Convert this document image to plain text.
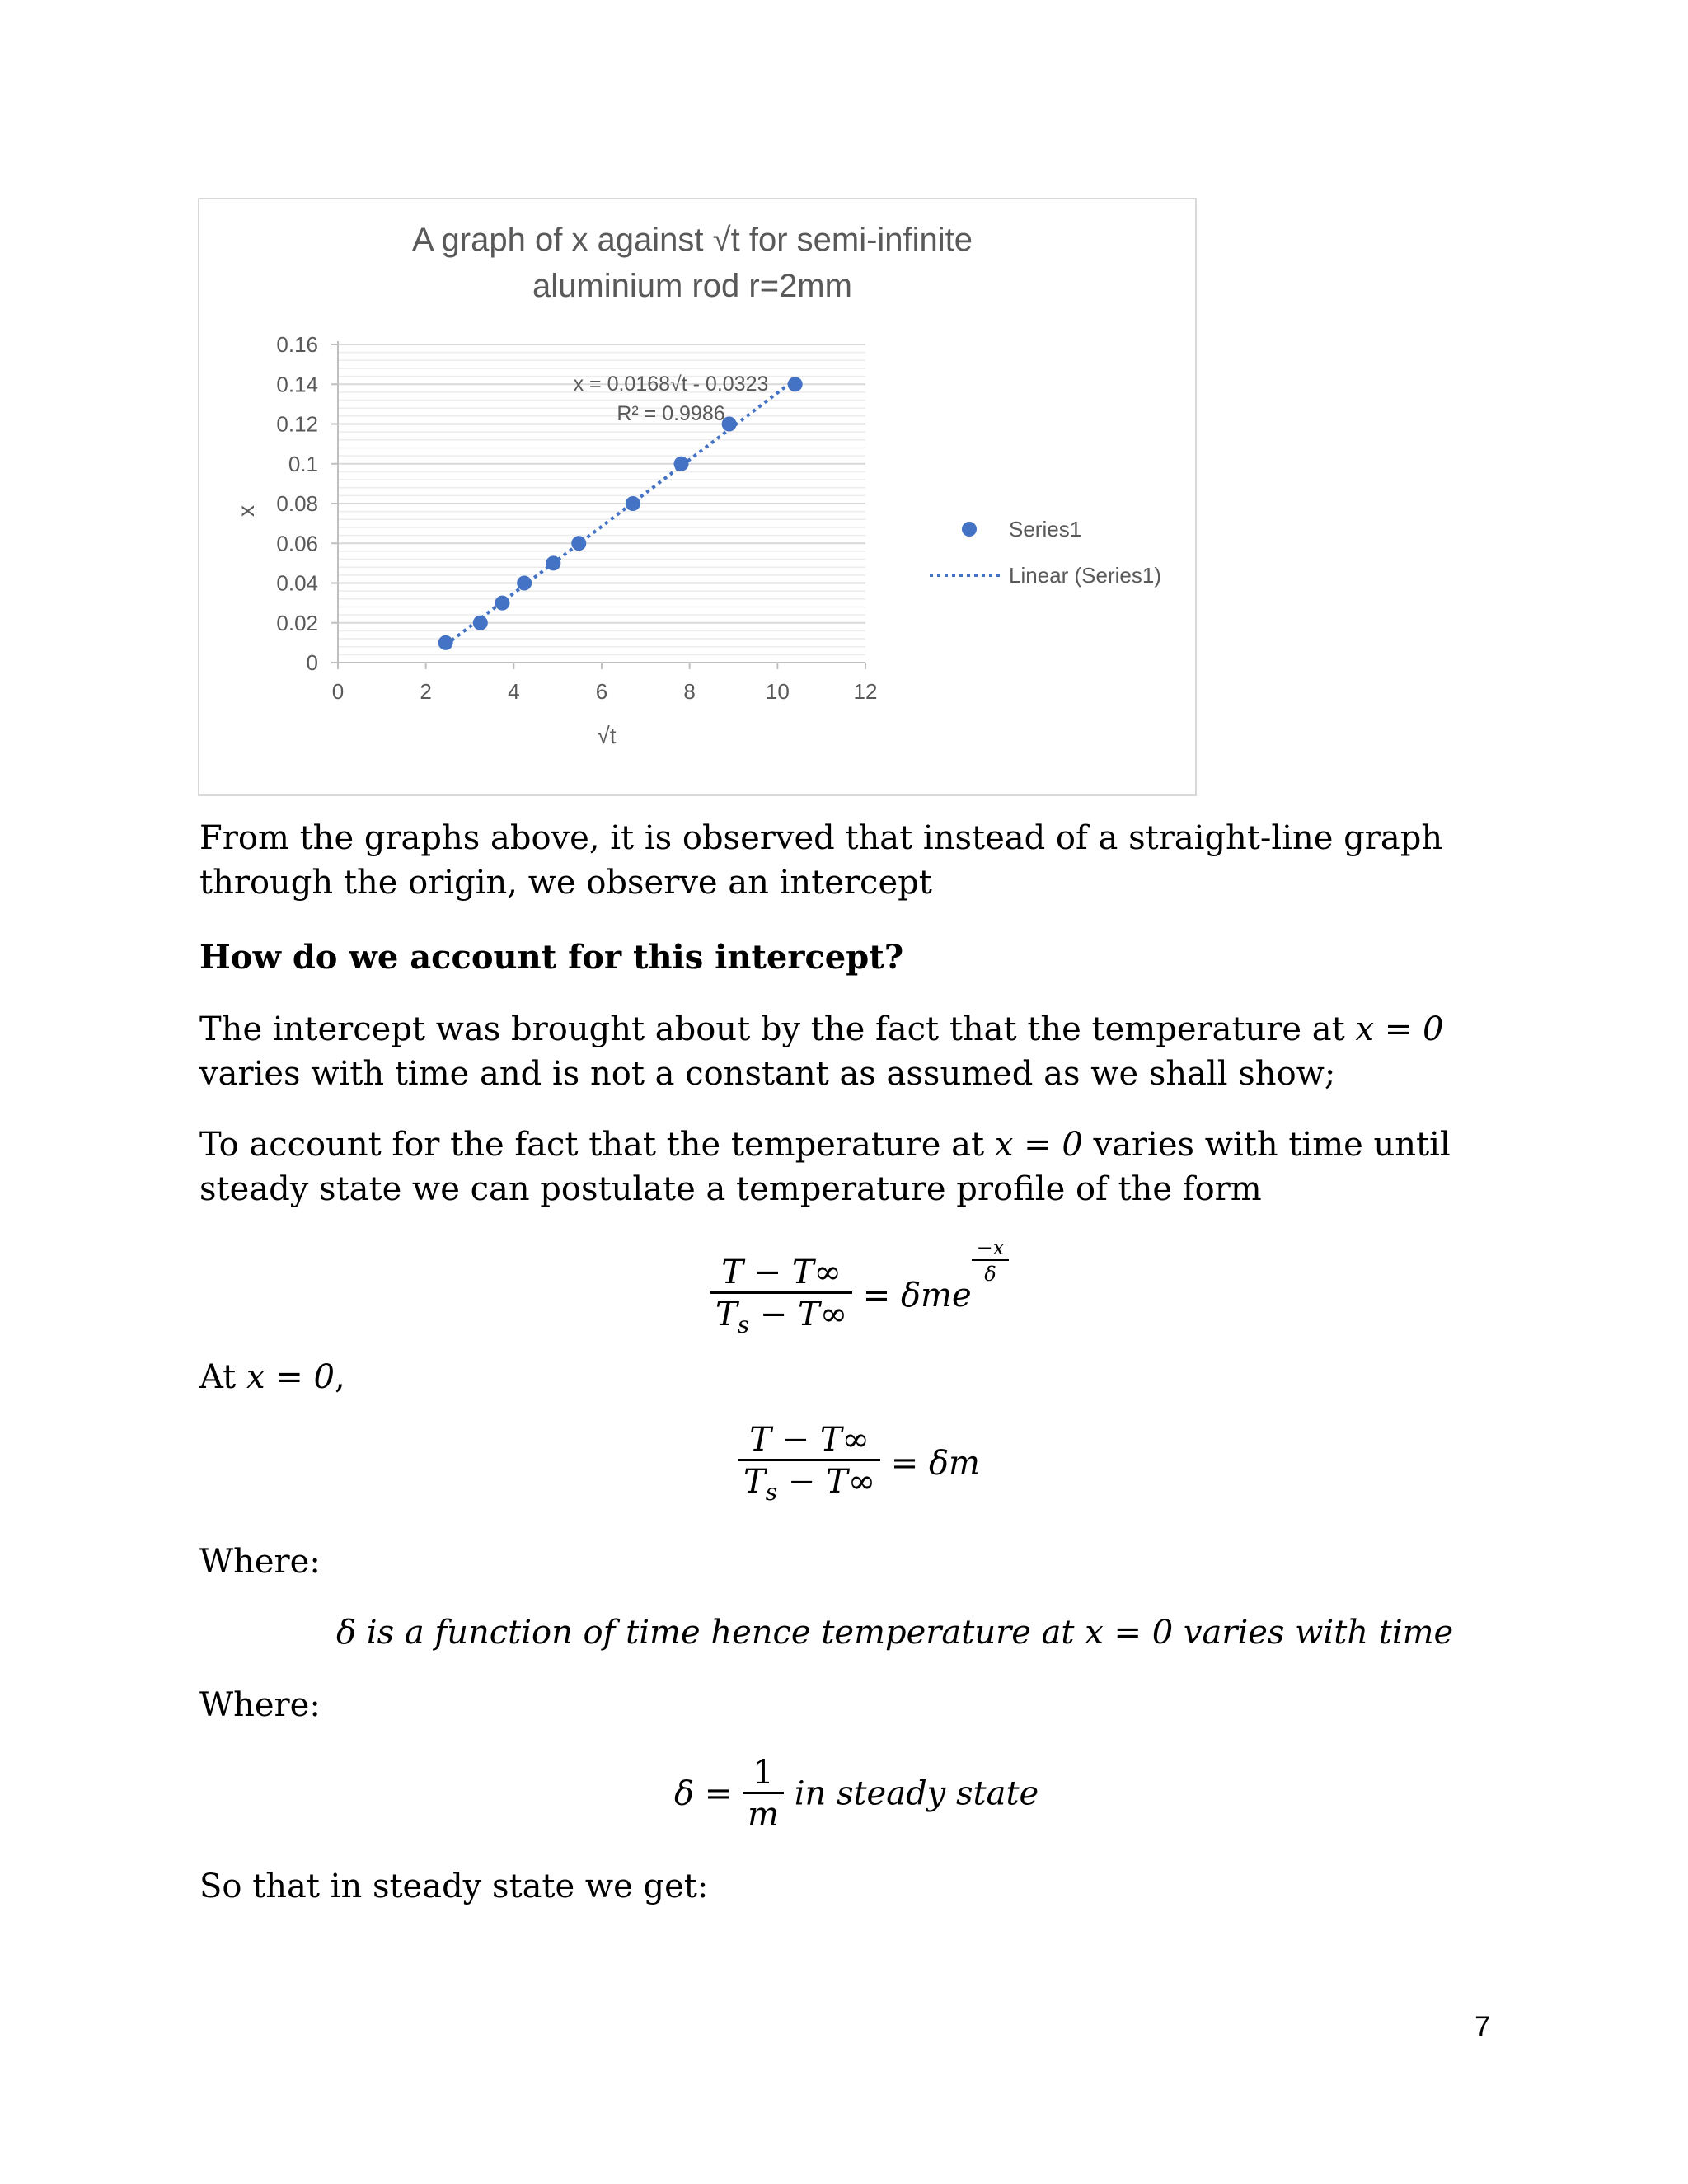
A graph of x against √t for semi-infinite
aluminium rod r=2mm
0
0.02
0.04
0.06
0.08
0.1
0.12
0.14
0.16
0	2	4	6	8	10	12
x = 0.0168√t - 0.0323
R² = 0.9986
√t
x
Series1
Linear (Series1)
From the graphs above, it is observed that instead of a straight-line graph through the origin, we observe an intercept
How do we account for this intercept?
The intercept was brought about by the fact that the temperature at x = 0 varies with time and is not a constant as assumed as we shall show;
To account for the fact that the temperature at x = 0 varies with time until steady state we can postulate a temperature profile of the form
$\frac{T - T\infty}{T_s - T\infty} = \delta me$
$\frac{-x}{\delta}$
At x = 0,
$\frac{T - T\infty}{T_s - T\infty} = \delta m$
Where:
δ is a function of time hence temperature at x = 0 varies with time
Where:
$\delta = \frac{1}{m}$ in steady state
So that in steady state we get:
7
